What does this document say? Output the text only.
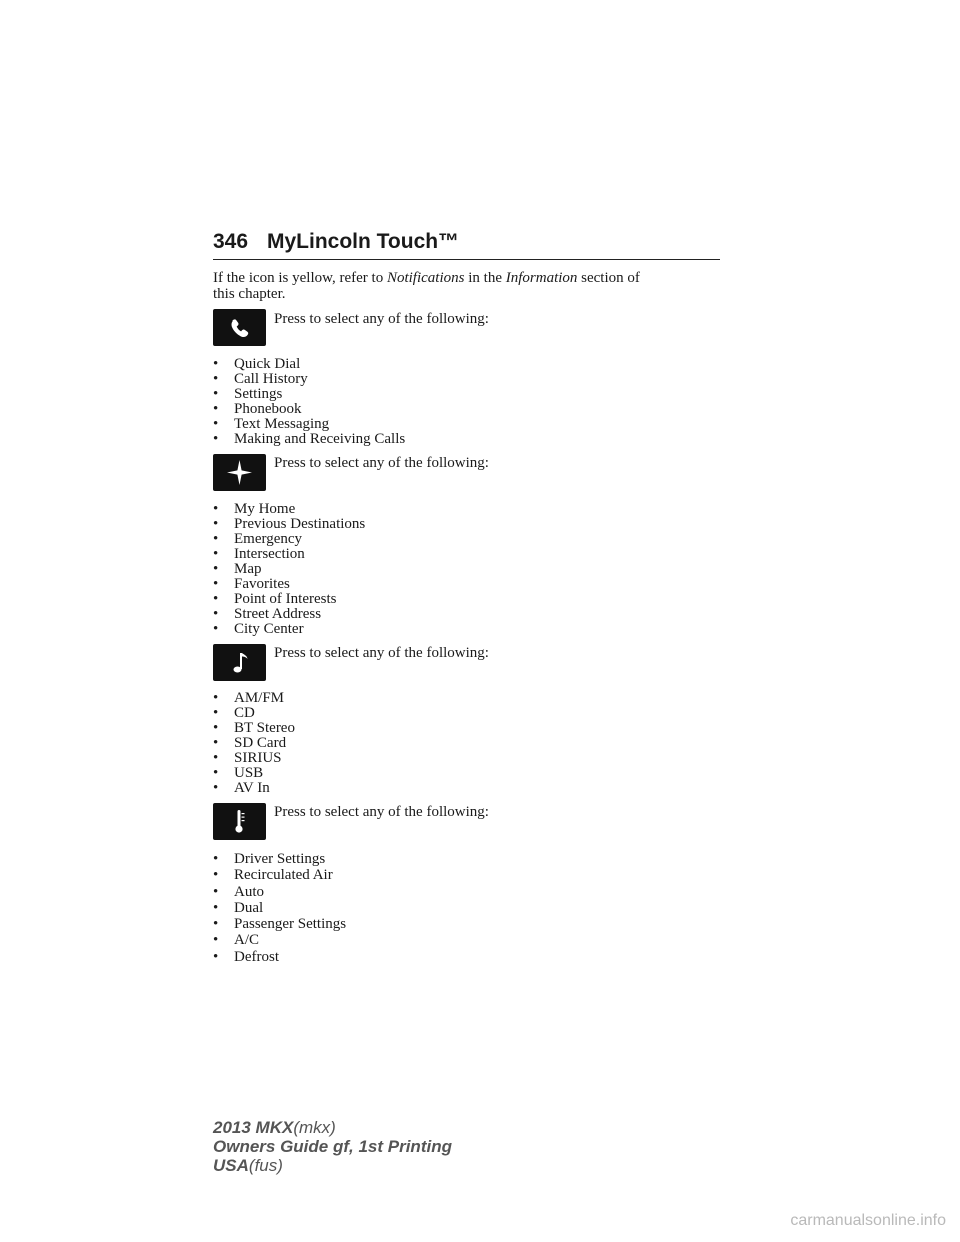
346 MyLincoln Touch™
If the icon is yellow, refer to Notifications in the Information section of
this chapter.
Press to select any of the following:
• Quick Dial
• Call History
• Settings
• Phonebook
• Text Messaging
• Making and Receiving Calls
Press to select any of the following:
• My Home
• Previous Destinations
• Emergency
• Intersection
• Map
• Favorites
• Point of Interests
• Street Address
• City Center
Press to select any of the following:
• AM/FM
• CD
• BT Stereo
• SD Card
• SIRIUS
• USB
• AV In
Press to select any of the following:
• Driver Settings
• Recirculated Air
• Auto
• Dual
• Passenger Settings
• A/C
• Defrost
2013 MKX(mkx)
Owners Guide gf, 1st Printing
USA(fus)
carmanualsonline.info
